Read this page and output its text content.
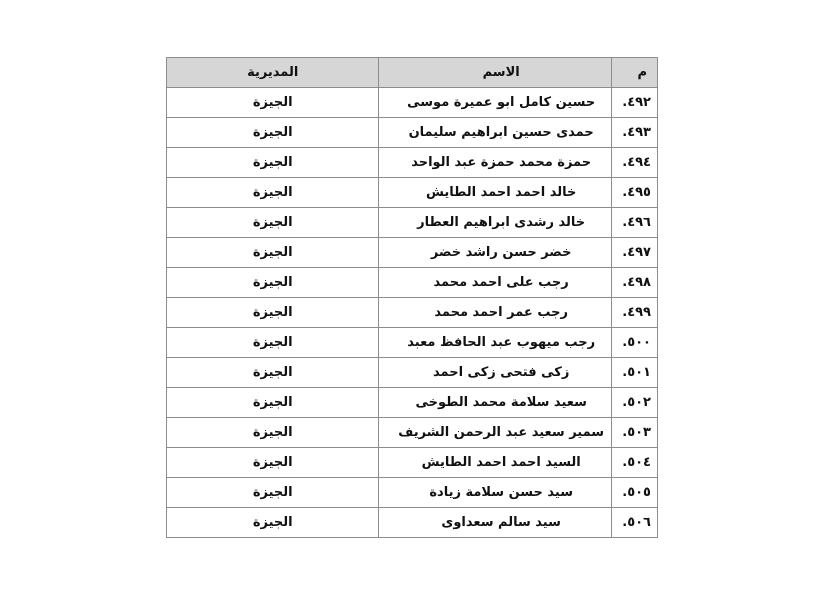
م	الاسم	المديرية
٤٩٢.	حسين كامل ابو عميرة موسى	الجيزة
٤٩٣.	حمدى حسين ابراهيم سليمان	الجيزة
٤٩٤.	حمزة محمد حمزة عبد الواحد	الجيزة
٤٩٥.	خالد احمد احمد الطايش	الجيزة
٤٩٦.	خالد رشدى ابراهيم العطار	الجيزة
٤٩٧.	خضر حسن راشد خضر	الجيزة
٤٩٨.	رجب على احمد محمد	الجيزة
٤٩٩.	رجب عمر احمد محمد	الجيزة
٥٠٠.	رجب ميهوب عبد الحافظ معبد	الجيزة
٥٠١.	زكى فتحى زكى احمد	الجيزة
٥٠٢.	سعيد سلامة محمد الطوخى	الجيزة
٥٠٣.	سمير سعيد عبد الرحمن الشريف	الجيزة
٥٠٤.	السيد احمد احمد الطايش	الجيزة
٥٠٥.	سيد حسن سلامة زيادة	الجيزة
٥٠٦.	سيد سالم سعداوى	الجيزة
